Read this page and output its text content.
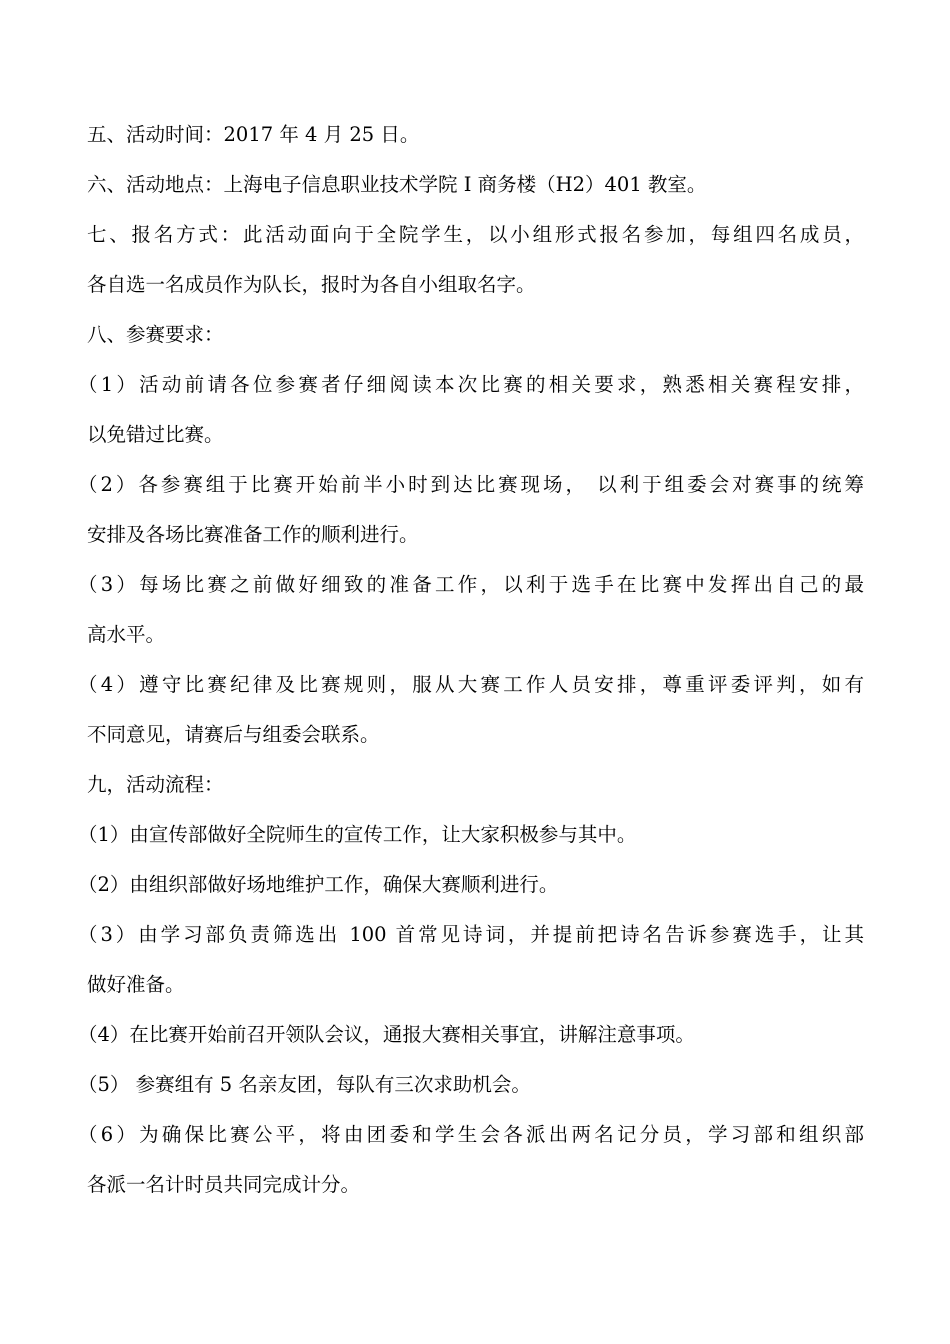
五、活动时间：2017 年 4 月 25 日。
六、活动地点：上海电子信息职业技术学院 I 商务楼（H2）401 教室。
七、报名方式：此活动面向于全院学生，以小组形式报名参加，每组四名成员，
各自选一名成员作为队长，报时为各自小组取名字。
八、参赛要求：
（1）活动前请各位参赛者仔细阅读本次比赛的相关要求，熟悉相关赛程安排，
以免错过比赛。
（2）各参赛组于比赛开始前半小时到达比赛现场， 以利于组委会对赛事的统筹
安排及各场比赛准备工作的顺利进行。
（3）每场比赛之前做好细致的准备工作，以利于选手在比赛中发挥出自己的最
高水平。
（4）遵守比赛纪律及比赛规则，服从大赛工作人员安排，尊重评委评判，如有
不同意见，请赛后与组委会联系。
九，活动流程：
（1）由宣传部做好全院师生的宣传工作，让大家积极参与其中。
（2）由组织部做好场地维护工作，确保大赛顺利进行。
（3）由学习部负责筛选出 100 首常见诗词，并提前把诗名告诉参赛选手，让其
做好准备。
（4）在比赛开始前召开领队会议，通报大赛相关事宜，讲解注意事项。
（5） 参赛组有 5 名亲友团，每队有三次求助机会。
（6）为确保比赛公平，将由团委和学生会各派出两名记分员，学习部和组织部
各派一名计时员共同完成计分。
